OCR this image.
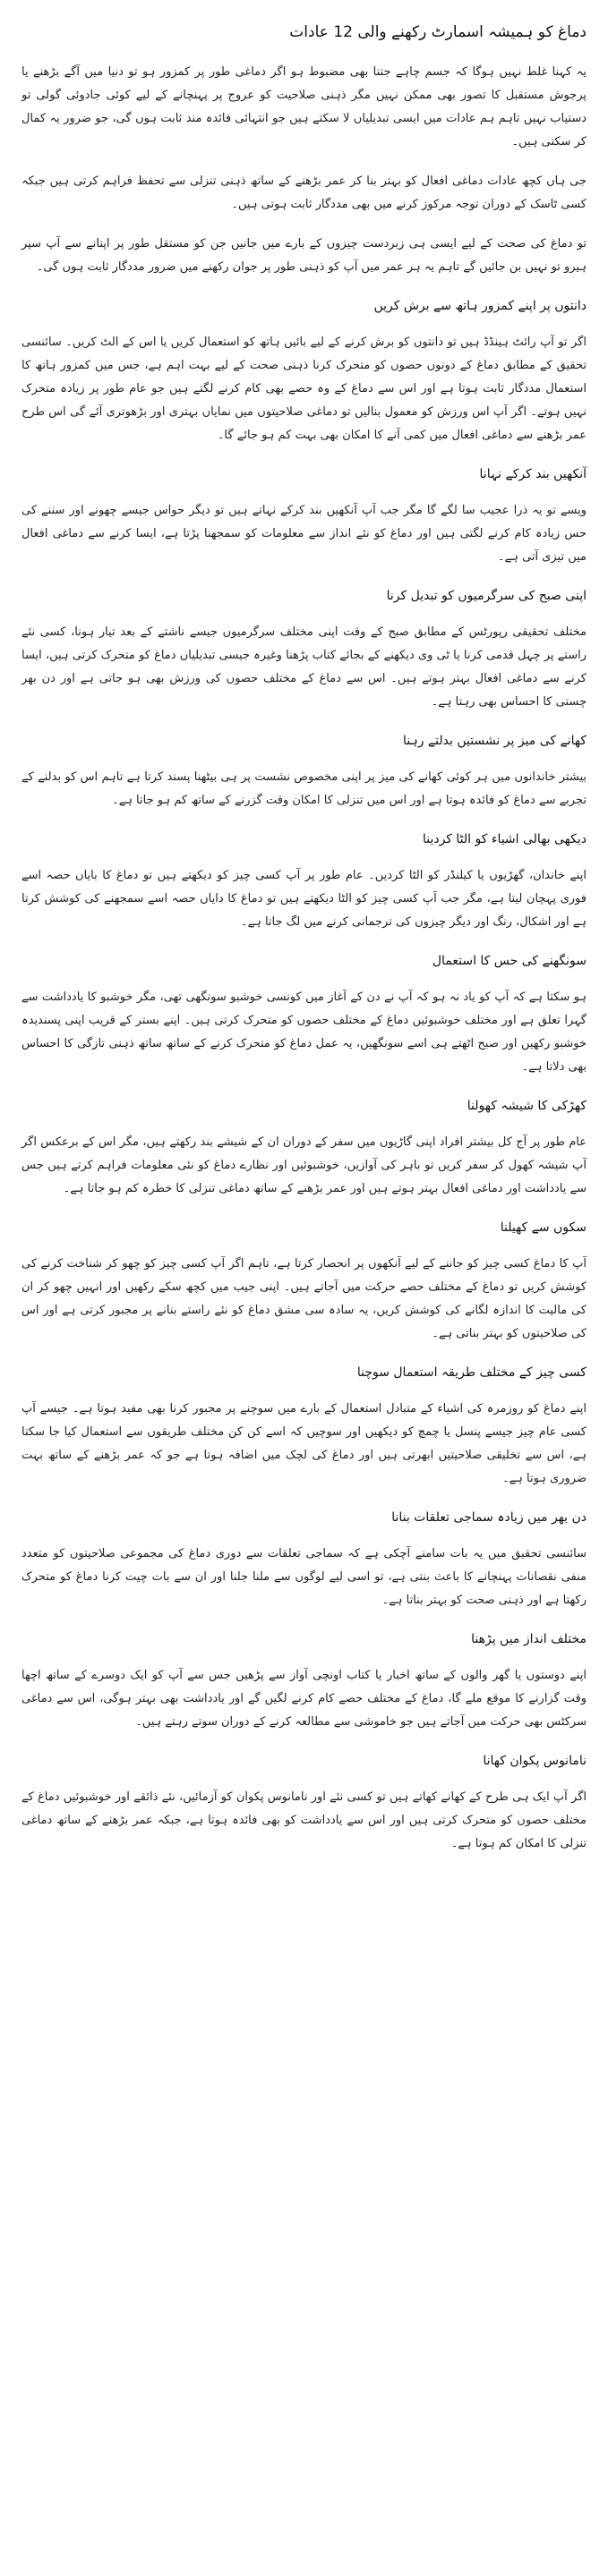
دماغ کو ہمیشہ اسمارٹ رکھنے والی 12 عادات

یہ کہنا غلط نہیں ہوگا کہ جسم چاہے جتنا بھی مضبوط ہو اگر دماغی طور پر کمزور ہو تو دنیا میں آگے بڑھنے یا پرجوش مستقبل کا تصور بھی ممکن نہیں مگر ذہنی صلاحیت کو عروج پر پہنچانے کے لیے کوئی جادوئی گولی تو دستیاب نہیں تاہم ہم عادات میں ایسی تبدیلیاں لا سکتے ہیں جو انتہائی فائدہ مند ثابت ہوں گی، جو ضرور یہ کمال کر سکتی ہیں۔

جی ہاں کچھ عادات دماغی افعال کو بہتر بنا کر عمر بڑھنے کے ساتھ ذہنی تنزلی سے تحفظ فراہم کرتی ہیں جبکہ کسی ٹاسک کے دوران توجہ مرکوز کرنے میں بھی مددگار ثابت ہوتی ہیں۔

تو دماغ کی صحت کے لیے ایسی ہی زبردست چیزوں کے بارے میں جانیں جن کو مستقل طور پر اپنانے سے آپ سپر ہیرو تو نہیں بن جائیں گے تاہم یہ ہر عمر میں آپ کو ذہنی طور پر جوان رکھنے میں ضرور مددگار ثابت ہوں گی۔

دانتوں پر اپنے کمزور ہاتھ سے برش کریں

اگر تو آپ رائٹ ہینڈڈ ہیں تو دانتوں کو برش کرنے کے لیے بائیں ہاتھ کو استعمال کریں یا اس کے الٹ کریں۔ سائنسی تحقیق کے مطابق دماغ کے دونوں حصوں کو متحرک کرنا ذہنی صحت کے لیے بہت اہم ہے، جس میں کمزور ہاتھ کا استعمال مددگار ثابت ہوتا ہے اور اس سے دماغ کے وہ حصے بھی کام کرنے لگتے ہیں جو عام طور پر زیادہ متحرک نہیں ہوتے۔ اگر آپ اس ورزش کو معمول بنالیں تو دماغی صلاحیتوں میں نمایاں بہتری اور بڑھوتری آئے گی اس طرح عمر بڑھنے سے دماغی افعال میں کمی آنے کا امکان بھی بہت کم ہو جائے گا۔

آنکھیں بند کرکے نہانا

ویسے تو یہ ذرا عجیب سا لگے گا مگر جب آپ آنکھیں بند کرکے نہاتے ہیں تو دیگر حواس جیسے چھونے اور سننے کی حس زیادہ کام کرنے لگتی ہیں اور دماغ کو نئے انداز سے معلومات کو سمجھنا پڑتا ہے، ایسا کرنے سے دماغی افعال میں تیزی آتی ہے۔

اپنی صبح کی سرگرمیوں کو تبدیل کرنا

مختلف تحقیقی رپورٹس کے مطابق صبح کے وقت اپنی مختلف سرگرمیوں جیسے ناشتے کے بعد تیار ہونا، کسی نئے راستے پر چہل قدمی کرنا یا ٹی وی دیکھنے کے بجائے کتاب پڑھنا وغیرہ جیسی تبدیلیاں دماغ کو متحرک کرتی ہیں، ایسا کرنے سے دماغی افعال بہتر ہوتے ہیں۔ اس سے دماغ کے مختلف حصوں کی ورزش بھی ہو جاتی ہے اور دن بھر چستی کا احساس بھی رہتا ہے۔

کھانے کی میز پر نشستیں بدلتے رہنا

بیشتر خاندانوں میں ہر کوئی کھانے کی میز پر اپنی مخصوص نشست پر ہی بیٹھنا پسند کرتا ہے تاہم اس کو بدلنے کے تجربے سے دماغ کو فائدہ ہوتا ہے اور اس میں تنزلی کا امکان وقت گزرنے کے ساتھ کم ہو جاتا ہے۔

دیکھی بھالی اشیاء کو الٹا کردینا

اپنے خاندان، گھڑیوں یا کیلنڈر کو الٹا کردیں۔ عام طور پر آپ کسی چیز کو دیکھتے ہیں تو دماغ کا بایاں حصہ اسے فوری پہچان لیتا ہے، مگر جب آپ کسی چیز کو الٹا دیکھتے ہیں تو دماغ کا دایاں حصہ اسے سمجھنے کی کوشش کرتا ہے اور اشکال، رنگ اور دیگر چیزوں کی ترجمانی کرنے میں لگ جاتا ہے۔

سونگھنے کی حس کا استعمال

ہو سکتا ہے کہ آپ کو یاد نہ ہو کہ آپ نے دن کے آغاز میں کونسی خوشبو سونگھی تھی، مگر خوشبو کا یادداشت سے گہرا تعلق ہے اور مختلف خوشبوئیں دماغ کے مختلف حصوں کو متحرک کرتی ہیں۔ اپنے بستر کے قریب اپنی پسندیدہ خوشبو رکھیں اور صبح اٹھتے ہی اسے سونگھیں، یہ عمل دماغ کو متحرک کرنے کے ساتھ ساتھ ذہنی تازگی کا احساس بھی دلاتا ہے۔

کھڑکی کا شیشہ کھولنا

عام طور پر آج کل بیشتر افراد اپنی گاڑیوں میں سفر کے دوران ان کے شیشے بند رکھتے ہیں، مگر اس کے برعکس اگر آپ شیشہ کھول کر سفر کریں تو باہر کی آوازیں، خوشبوئیں اور نظارے دماغ کو نئی معلومات فراہم کرتے ہیں جس سے یادداشت اور دماغی افعال بہتر ہوتے ہیں اور عمر بڑھنے کے ساتھ دماغی تنزلی کا خطرہ کم ہو جاتا ہے۔

سکوں سے کھیلنا

آپ کا دماغ کسی چیز کو جاننے کے لیے آنکھوں پر انحصار کرتا ہے، تاہم اگر آپ کسی چیز کو چھو کر شناخت کرنے کی کوشش کریں تو دماغ کے مختلف حصے حرکت میں آجاتے ہیں۔ اپنی جیب میں کچھ سکے رکھیں اور انہیں چھو کر ان کی مالیت کا اندازہ لگانے کی کوشش کریں، یہ سادہ سی مشق دماغ کو نئے راستے بنانے پر مجبور کرتی ہے اور اس کی صلاحیتوں کو بہتر بناتی ہے۔

کسی چیز کے مختلف طریقہ استعمال سوچنا

اپنے دماغ کو روزمرہ کی اشیاء کے متبادل استعمال کے بارے میں سوچنے پر مجبور کرنا بھی مفید ہوتا ہے۔ جیسے آپ کسی عام چیز جیسے پنسل یا چمچ کو دیکھیں اور سوچیں کہ اسے کن کن مختلف طریقوں سے استعمال کیا جا سکتا ہے، اس سے تخلیقی صلاحیتیں ابھرتی ہیں اور دماغ کی لچک میں اضافہ ہوتا ہے جو کہ عمر بڑھنے کے ساتھ بہت ضروری ہوتا ہے۔

دن بھر میں زیادہ سماجی تعلقات بنانا

سائنسی تحقیق میں یہ بات سامنے آچکی ہے کہ سماجی تعلقات سے دوری دماغ کی مجموعی صلاحیتوں کو متعدد منفی نقصانات پہنچانے کا باعث بنتی ہے، تو اسی لیے لوگوں سے ملنا جلنا اور ان سے بات چیت کرنا دماغ کو متحرک رکھتا ہے اور ذہنی صحت کو بہتر بناتا ہے۔

مختلف انداز میں پڑھنا

اپنے دوستوں یا گھر والوں کے ساتھ اخبار یا کتاب اونچی آواز سے پڑھیں جس سے آپ کو ایک دوسرے کے ساتھ اچھا وقت گزارنے کا موقع ملے گا، دماغ کے مختلف حصے کام کرنے لگیں گے اور یادداشت بھی بہتر ہوگی، اس سے دماغی سرکٹس بھی حرکت میں آجاتے ہیں جو خاموشی سے مطالعہ کرنے کے دوران سوتے رہتے ہیں۔

نامانوس پکوان کھانا

اگر آپ ایک ہی طرح کے کھانے کھاتے ہیں تو کسی نئے اور نامانوس پکوان کو آزمائیں، نئے ذائقے اور خوشبوئیں دماغ کے مختلف حصوں کو متحرک کرتی ہیں اور اس سے یادداشت کو بھی فائدہ ہوتا ہے، جبکہ عمر بڑھنے کے ساتھ دماغی تنزلی کا امکان کم ہوتا ہے۔
